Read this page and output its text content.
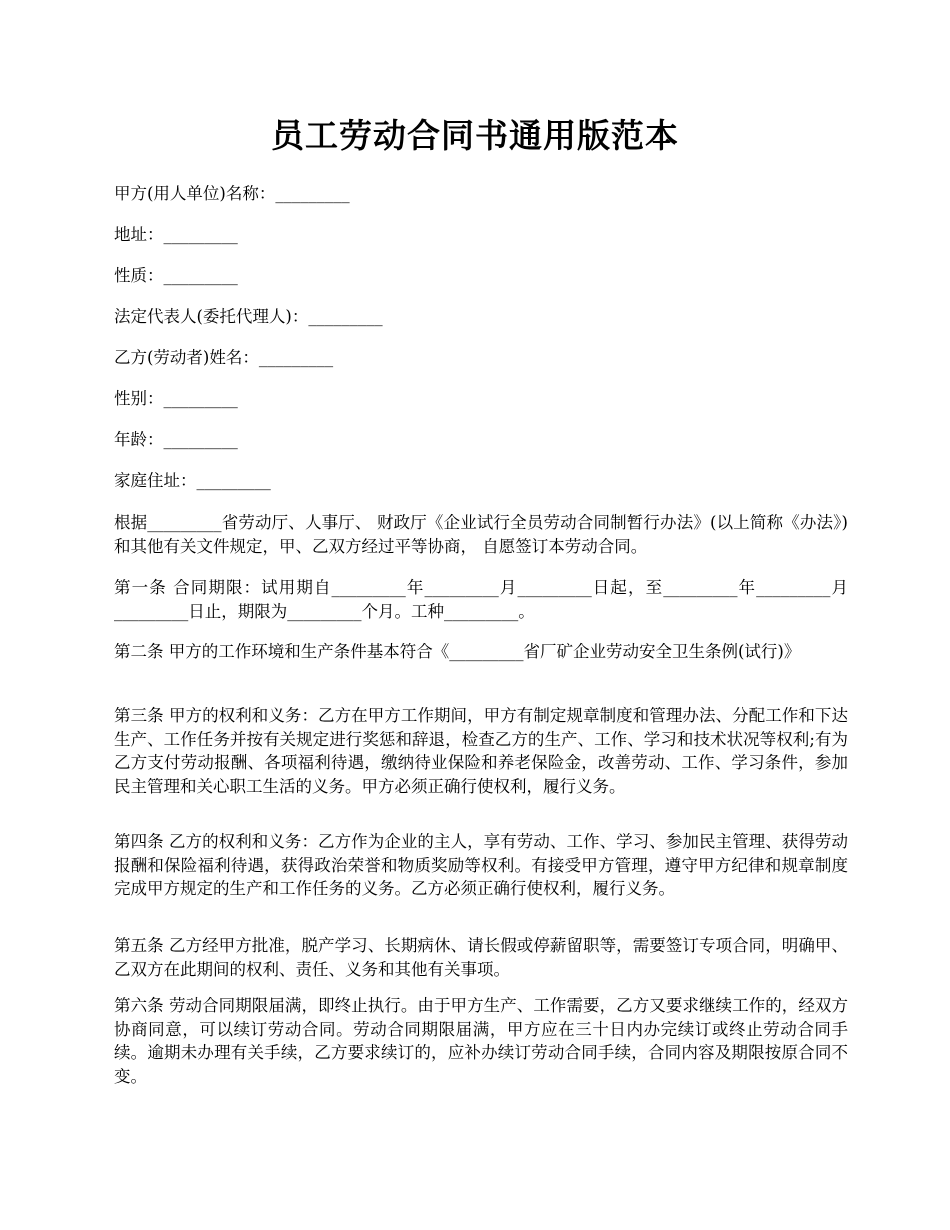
员工劳动合同书通用版范本
甲方(用人单位)名称：_________
地址：_________
性质：_________
法定代表人(委托代理人)：_________
乙方(劳动者)姓名：_________
性别：_________
年龄：_________
家庭住址：_________
根据_________省劳动厅、人事厅、 财政厅《企业试行全员劳动合同制暂行办法》(以上简称《办法》)和其他有关文件规定，甲、乙双方经过平等协商， 自愿签订本劳动合同。
第一条 合同期限：试用期自_________年_________月_________日起，至_________年_________月_________日止，期限为_________个月。工种_________。
第二条 甲方的工作环境和生产条件基本符合《_________省厂矿企业劳动安全卫生条例(试行)》
第三条 甲方的权利和义务：乙方在甲方工作期间，甲方有制定规章制度和管理办法、分配工作和下达生产、工作任务并按有关规定进行奖惩和辞退，检查乙方的生产、工作、学习和技术状况等权利;有为乙方支付劳动报酬、各项福利待遇，缴纳待业保险和养老保险金，改善劳动、工作、学习条件，参加民主管理和关心职工生活的义务。甲方必须正确行使权利，履行义务。
第四条 乙方的权利和义务：乙方作为企业的主人，享有劳动、工作、学习、参加民主管理、获得劳动报酬和保险福利待遇，获得政治荣誉和物质奖励等权利。有接受甲方管理，遵守甲方纪律和规章制度完成甲方规定的生产和工作任务的义务。乙方必须正确行使权利，履行义务。
第五条 乙方经甲方批准，脱产学习、长期病休、请长假或停薪留职等，需要签订专项合同，明确甲、乙双方在此期间的权利、责任、义务和其他有关事项。
第六条 劳动合同期限届满，即终止执行。由于甲方生产、工作需要，乙方又要求继续工作的，经双方协商同意，可以续订劳动合同。劳动合同期限届满，甲方应在三十日内办完续订或终止劳动合同手续。逾期未办理有关手续，乙方要求续订的，应补办续订劳动合同手续，合同内容及期限按原合同不变。
